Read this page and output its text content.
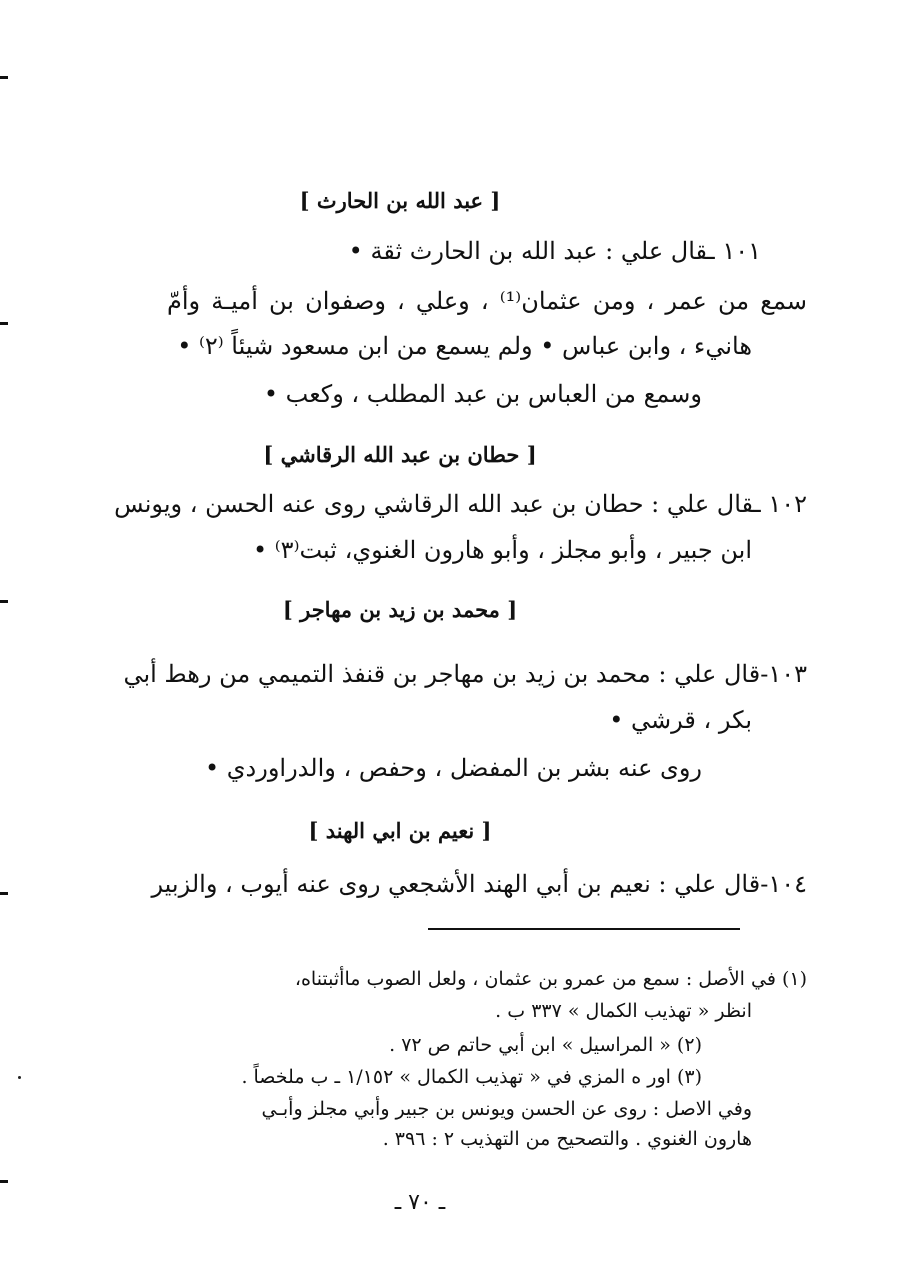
[ عبد الله بن الحارث ]
١٠١ ـقال علي : عبد الله بن الحارث ثقة •
سمع من عمر ، ومن عثمان⁽¹⁾ ، وعلي ، وصفوان بن أميـة وأمّ
هانيء ، وابن عباس • ولم يسمع من ابن مسعود شيئاً ⁽٢⁾ •
وسمع من العباس بن عبد المطلب ، وكعب •
[ حطان بن عبد الله الرقاشي ]
١٠٢ ـقال علي : حطان بن عبد الله الرقاشي روى عنه الحسن ، ويونس
ابن جبير ، وأبو مجلز ، وأبو هارون الغنوي، ثبت⁽٣⁾ •
[ محمد بن زيد بن مهاجر ]
١٠٣-قال علي : محمد بن زيد بن مهاجر بن قنفذ التميمي من رهط أبي
بكر ، قرشي •
روى عنه بشر بن المفضل ، وحفص ، والدراوردي •
[ نعيم بن ابي الهند ]
١٠٤-قال علي : نعيم بن أبي الهند الأشجعي روى عنه أيوب ، والزبير
(١) في الأصل : سمع من عمرو بن عثمان ، ولعل الصوب ماأثبتناه،
انظر « تهذيب الكمال » ٣٣٧ ب .
(٢) « المراسيل » ابن أبي حاتم ص ٧٢ .
(٣) اور ه المزي في « تهذيب الكمال » ١/١٥٢ ـ ب ملخصاً .
وفي الاصل : روى عن الحسن ويونس بن جبير وأبي مجلز وأبـي
هارون الغنوي . والتصحيح من التهذيب ٢ : ٣٩٦ .
ـ ٧٠ ـ
